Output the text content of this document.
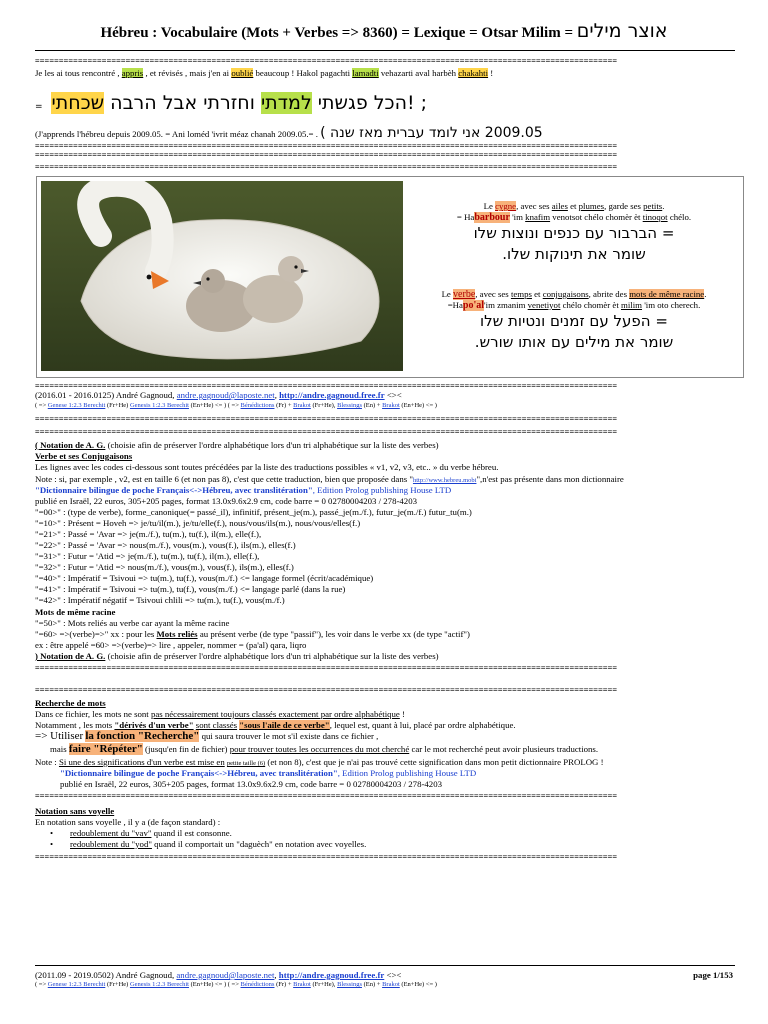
Hébreu : Vocabulaire (Mots + Verbes => 8360) = Lexique = Otsar Milim = אוצר מילים
==========================================================================================================================
Je les ai tous rencontré , appris , et révisés , mais j'en ai oublié beaucoup ! Hakol pagachti lamadti vehazarti aval harbèh chakahti !
=	הכל פגשתי למדתי וחזרתי אבל הרבה שכחתי	! ;
(J'apprends l'hébreu depuis 2009.05. = Ani loméd 'ivrit méaz chanah 2009.05.= . 2009.05 אני לומד עברית מאז שנה )
==========================================================================================================================
==========================================================================================================================
==========================================================================================================================
Le cygne, avec ses ailes et plumes, garde ses petits.
= Habarbour 'im knafim venotsot chélo chomèr èt tinoqot chélo.
= הברבור עם כנפים ונוצות שלו
שומר את תינוקות שלו.
Le verbe, avec ses temps et conjugaisons, abrite des mots de même racine.
=Hapo'al'im zmanim venetiyot chélo chomèr èt milim 'im oto cherech.
= הפעל עם זמנים ונטיות שלו
שומר את מילים עם אותו שורש.
==========================================================================================================================
(2016.01 - 2016.0125) André Gagnoud, andre.gagnoud@laposte.net, http://andre.gagnoud.free.fr <><
( => Genese 1:2.3 Berechit (Fr+He) Genesis 1:2.3 Berechit (En+He) <= ) ( => Bénédictions (Fr) + Brakot (Fr+He), Blessings (En) + Brakot (En+He) <= )
==========================================================================================================================
==========================================================================================================================
( Notation de A. G. (choisie afin de préserver l'ordre alphabétique lors d'un tri alphabétique sur la liste des verbes)
Verbe et ses Conjugaisons
Les lignes avec les codes ci-dessous sont toutes précédées par la liste des traductions possibles « v1, v2, v3, etc.. » du verbe hébreu.
Note : si, par exemple , v2, est en taille 6 (et non pas 8), c'est que cette traduction, bien que proposée dans "http://www.hebreu.mobi",n'est pas présente dans mon dictionnaire
"Dictionnaire bilingue de poche Français<->Hébreu, avec translitération", Edition Prolog publishing House LTD
publié en Israël, 22 euros, 305+205 pages, format 13.0x9.6x2.9 cm, code barre = 0 02780004203 / 278-4203
"=00>" : (type de verbe), forme_canonique(= passé_il), infinitif, présent_je(m.), passé_je(m./f.), futur_je(m./f.) futur_tu(m.)
"=10>" : Présent = Hoveh => je/tu/il(m.), je/tu/elle(f.), nous/vous/ils(m.), nous/vous/elles(f.)
"=21>" : Passé = 'Avar => je(m./f.), tu(m.), tu(f.), il(m.), elle(f.),
"=22>" : Passé = 'Avar => nous(m./f.), vous(m.), vous(f.), ils(m.), elles(f.)
"=31>" : Futur = 'Atid => je(m./f.), tu(m.), tu(f.), il(m.), elle(f.),
"=32>" : Futur = 'Atid => nous(m./f.), vous(m.), vous(f.), ils(m.), elles(f.)
"=40>" : Impératif = Tsivoui => tu(m.), tu(f.), vous(m./f.) <= langage formel (écrit/académique)
"=41>" : Impératif = Tsivoui => tu(m.), tu(f.), vous(m./f.) <= langage parlé (dans la rue)
"=42>" : Impératif négatif = Tsivoui chlili => tu(m.), tu(f.), vous(m./f.)
Mots de même racine
"=50>" : Mots reliés au verbe car ayant la même racine
"=60> =>(verbe)=>" xx : pour les Mots reliés au présent verbe (de type "passif"), les voir dans le verbe xx (de type "actif")
ex : être appelé =60> =>(verbe)=> lire , appeler, nommer = (pa'al) qara, liqro
) Notation de A. G. (choisie afin de préserver l'ordre alphabétique lors d'un tri alphabétique sur la liste des verbes)
==========================================================================================================================
==========================================================================================================================
Recherche de mots
Dans ce fichier, les mots ne sont pas nécessairement toujours classés exactement par ordre alphabétique !
Notamment , les mots "dérivés d'un verbe" sont classés "sous l'aile de ce verbe", lequel est, quant à lui, placé par ordre alphabétique.
=> Utiliser la fonction "Recherche" qui saura trouver le mot s'il existe dans ce fichier ,
mais faire "Répéter" (jusqu'en fin de fichier) pour trouver toutes les occurrences du mot cherché car le mot recherché peut avoir plusieurs traductions.
Note : Si une des significations d'un verbe est mise en petite taille (6) (et non 8), c'est que je n'ai pas trouvé cette signification dans mon petit dictionnaire PROLOG !
"Dictionnaire bilingue de poche Français<->Hébreu, avec translitération", Edition Prolog publishing House LTD
publié en Israël, 22 euros, 305+205 pages, format 13.0x9.6x2.9 cm, code barre = 0 02780004203 / 278-4203
==========================================================================================================================
Notation sans voyelle
En notation sans voyelle , il y a (de façon standard) :
• redoublement du "vav" quand il est consonne.
• redoublement du "yod" quand il comportait un "daguèch" en notation avec voyelles.
==========================================================================================================================
(2011.09 - 2019.0502) André Gagnoud, andre.gagnoud@laposte.net, http://andre.gagnoud.free.fr <><
( => Genese 1:2.3 Berechit (Fr+He) Genesis 1:2.3 Berechit (En+He) <= ) ( => Bénédictions (Fr) + Brakot (Fr+He), Blessings (En) + Brakot (En+He) <= )
page 1/153
